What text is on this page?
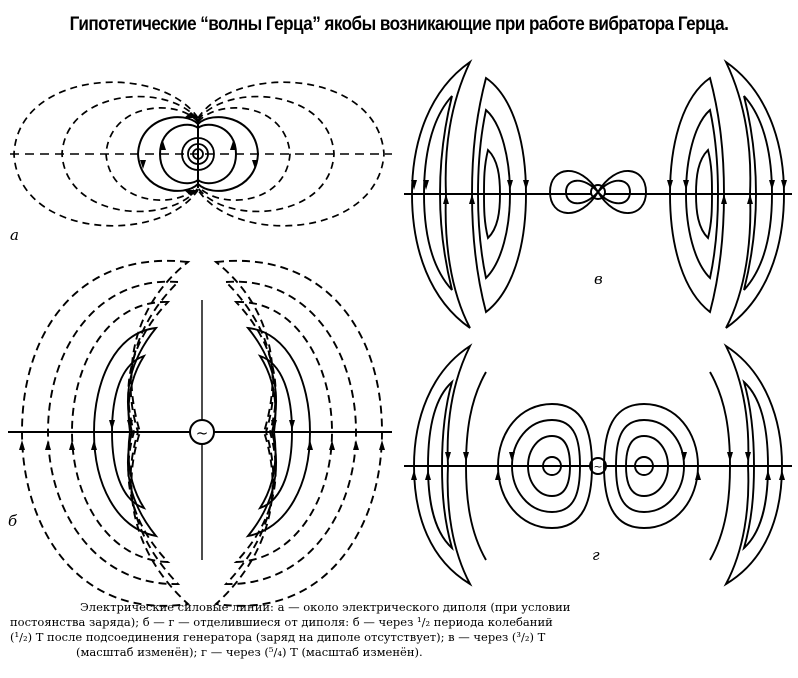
Гипотетические “волны Герца” якобы возникающие при работе вибратора Герца.
а
~
б
в
~
г
Электрические силовые линии: а — около электрического диполя (при условии
постоянства заряда); б — г — отделившиеся от диполя: б — через ¹/₂ периода колебаний
(¹/₂) T после подсоединения генератора (заряд на диполе отсутствует); в — через (³/₂) T
(масштаб изменён); г — через (⁵/₄) T (масштаб изменён).
